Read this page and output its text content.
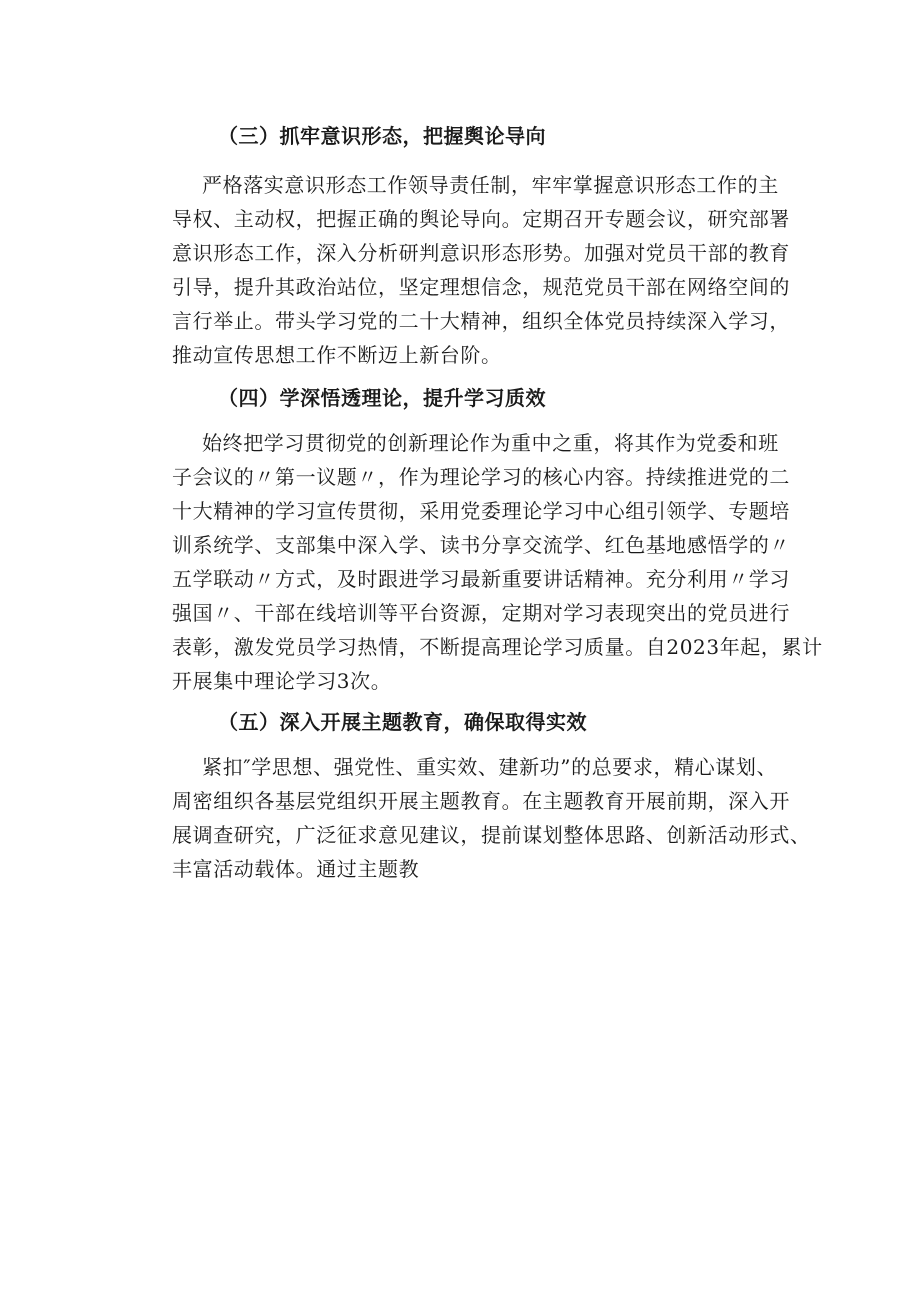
（三）抓牢意识形态，把握舆论导向
严格落实意识形态工作领导责任制，牢牢掌握意识形态工作的主
导权、主动权，把握正确的舆论导向。定期召开专题会议，研究部署
意识形态工作，深入分析研判意识形态形势。加强对党员干部的教育
引导，提升其政治站位，坚定理想信念，规范党员干部在网络空间的
言行举止。带头学习党的二十大精神，组织全体党员持续深入学习，
推动宣传思想工作不断迈上新台阶。
（四）学深悟透理论，提升学习质效
始终把学习贯彻党的创新理论作为重中之重，将其作为党委和班
子会议的〃第一议题〃，作为理论学习的核心内容。持续推进党的二
十大精神的学习宣传贯彻，采用党委理论学习中心组引领学、专题培
训系统学、支部集中深入学、读书分享交流学、红色基地感悟学的〃
五学联动〃方式，及时跟进学习最新重要讲话精神。充分利用〃学习
强国〃、干部在线培训等平台资源，定期对学习表现突出的党员进行
表彰，激发党员学习热情，不断提高理论学习质量。自2023年起，累计
开展集中理论学习3次。
（五）深入开展主题教育，确保取得实效
紧扣″学思想、强党性、重实效、建新功”的总要求，精心谋划、
周密组织各基层党组织开展主题教育。在主题教育开展前期，深入开
展调查研究，广泛征求意见建议，提前谋划整体思路、创新活动形式、
丰富活动载体。通过主题教
